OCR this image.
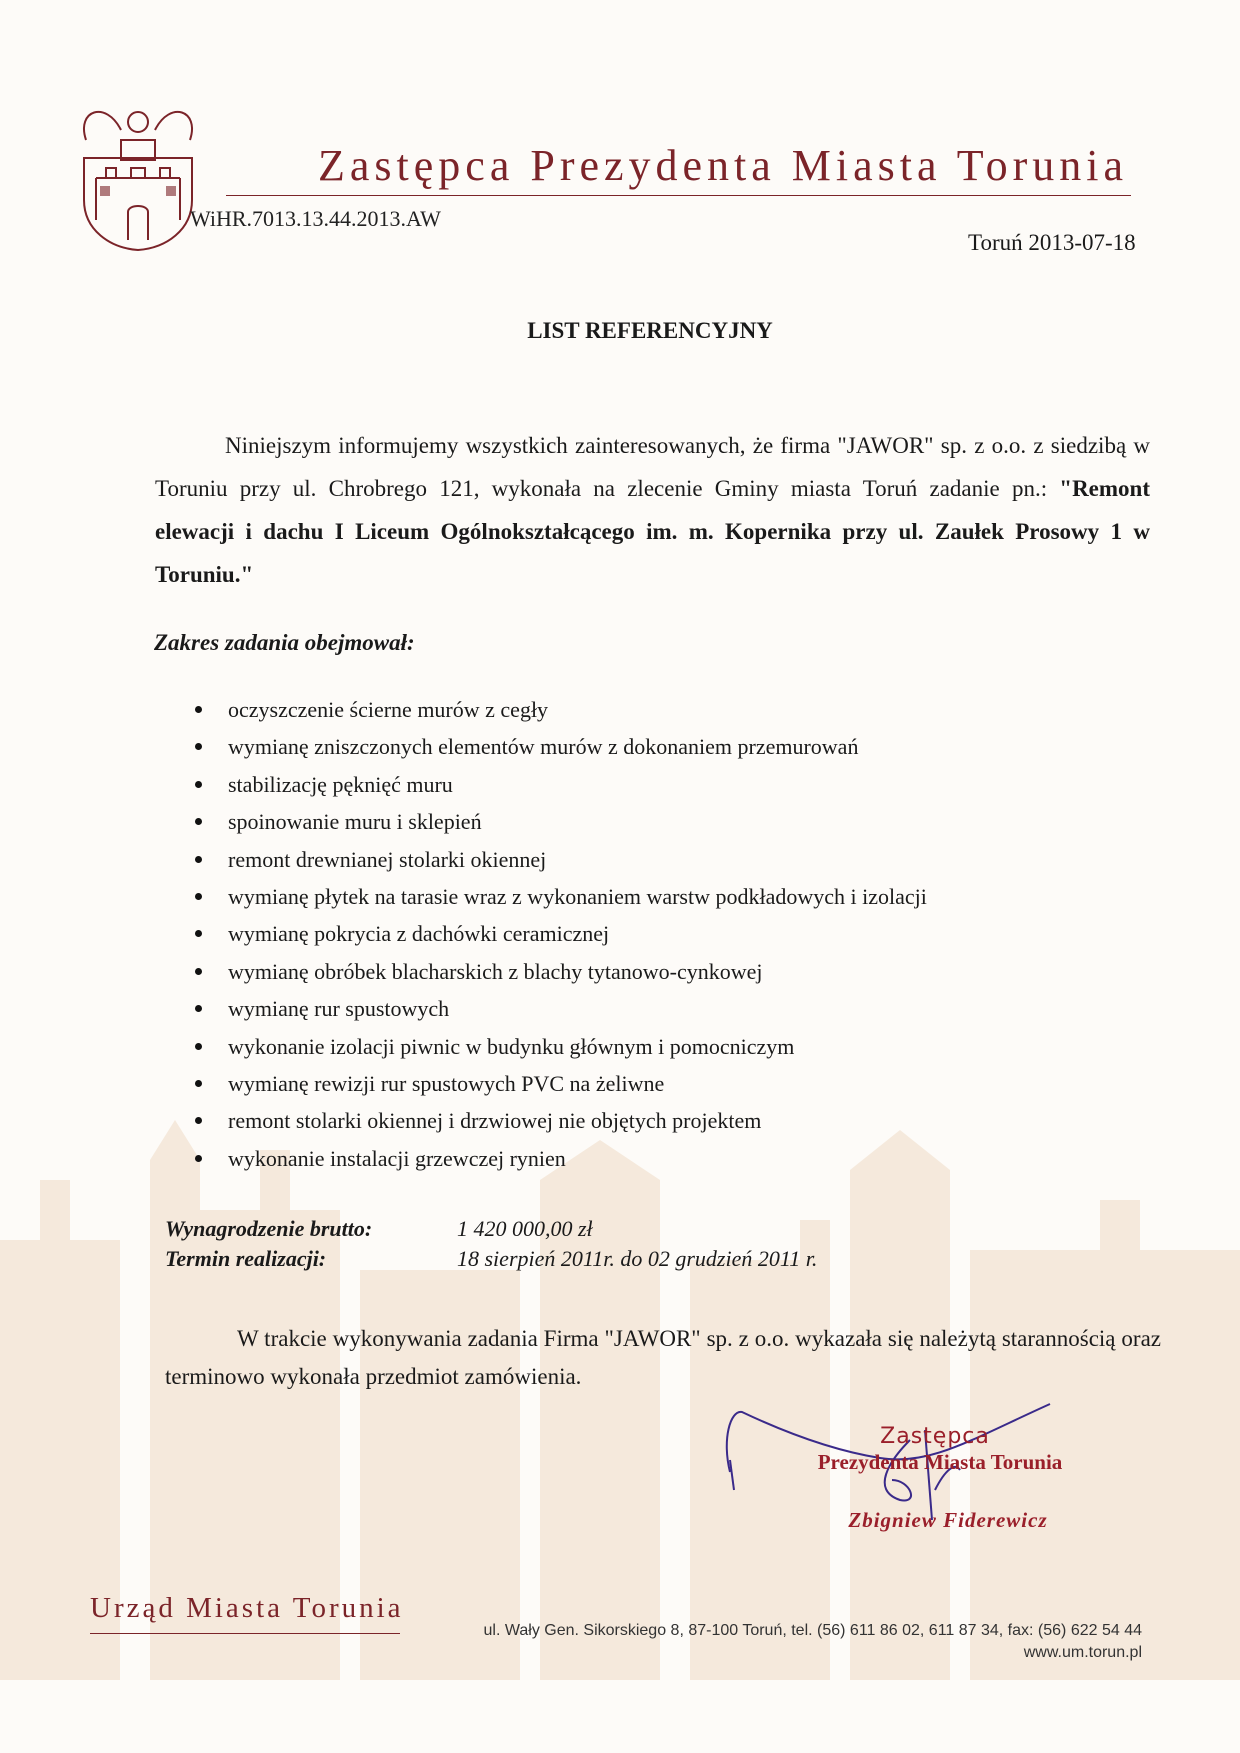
Zastępca Prezydenta Miasta Torunia
WiHR.7013.13.44.2013.AW
Toruń 2013-07-18
LIST REFERENCYJNY

Niniejszym informujemy wszystkich zainteresowanych, że firma "JAWOR" sp. z o.o. z siedzibą w Toruniu przy ul. Chrobrego 121, wykonała na zlecenie Gminy miasta Toruń zadanie pn.: "Remont elewacji i dachu I Liceum Ogólnokształcącego im. m. Kopernika przy ul. Zaułek Prosowy 1 w Toruniu."

Zakres zadania obejmował:
oczyszczenie ścierne murów z cegły
wymianę zniszczonych elementów murów z dokonaniem przemurowań
stabilizację pęknięć muru
spoinowanie muru i sklepień
remont drewnianej stolarki okiennej
wymianę płytek na tarasie wraz z wykonaniem warstw podkładowych i izolacji
wymianę pokrycia z dachówki ceramicznej
wymianę obróbek blacharskich z blachy tytanowo-cynkowej
wymianę rur spustowych
wykonanie izolacji piwnic w budynku głównym i pomocniczym
wymianę rewizji rur spustowych PVC na żeliwne
remont stolarki okiennej i drzwiowej nie objętych projektem
wykonanie instalacji grzewczej rynien
Wynagrodzenie brutto:	1 420 000,00 zł
Termin realizacji:	18 sierpień 2011r. do 02 grudzień 2011 r.
W trakcie wykonywania zadania Firma "JAWOR" sp. z o.o. wykazała się należytą starannością oraz terminowo wykonała przedmiot zamówienia.
Zastępca
Prezydenta Miasta Torunia
Zbigniew Fiderewicz
Urząd Miasta Torunia
ul. Wały Gen. Sikorskiego 8, 87-100 Toruń, tel. (56) 611 86 02, 611 87 34, fax: (56) 622 54 44
www.um.torun.pl
